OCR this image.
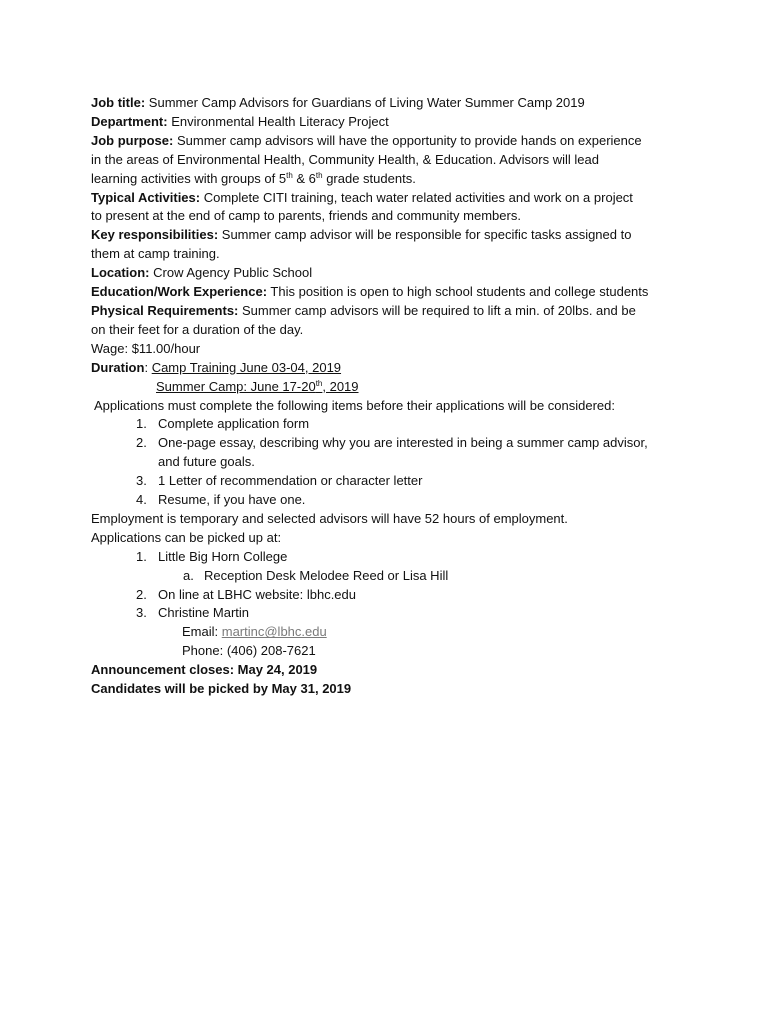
Job title: Summer Camp Advisors for Guardians of Living Water Summer Camp 2019
Department: Environmental Health Literacy Project
Job purpose: Summer camp advisors will have the opportunity to provide hands on experience
in the areas of Environmental Health, Community Health, & Education. Advisors will lead
learning activities with groups of 5th & 6th grade students.
Typical Activities: Complete CITI training, teach water related activities and work on a project
to present at the end of camp to parents, friends and community members.
Key responsibilities: Summer camp advisor will be responsible for specific tasks assigned to
them at camp training.
Location: Crow Agency Public School
Education/Work Experience: This position is open to high school students and college students
Physical Requirements: Summer camp advisors will be required to lift a min. of 20lbs. and be
on their feet for a duration of the day.
Wage: $11.00/hour
Duration: Camp Training June 03-04, 2019
Summer Camp: June 17-20th, 2019
Applications must complete the following items before their applications will be considered:
1. Complete application form
2. One-page essay, describing why you are interested in being a summer camp advisor,
and future goals.
3. 1 Letter of recommendation or character letter
4. Resume, if you have one.
Employment is temporary and selected advisors will have 52 hours of employment.
Applications can be picked up at:
1. Little Big Horn College
a. Reception Desk Melodee Reed or Lisa Hill
2. On line at LBHC website: lbhc.edu
3. Christine Martin
Email: martinc@lbhc.edu
Phone: (406) 208-7621
Announcement closes: May 24, 2019
Candidates will be picked by May 31, 2019
